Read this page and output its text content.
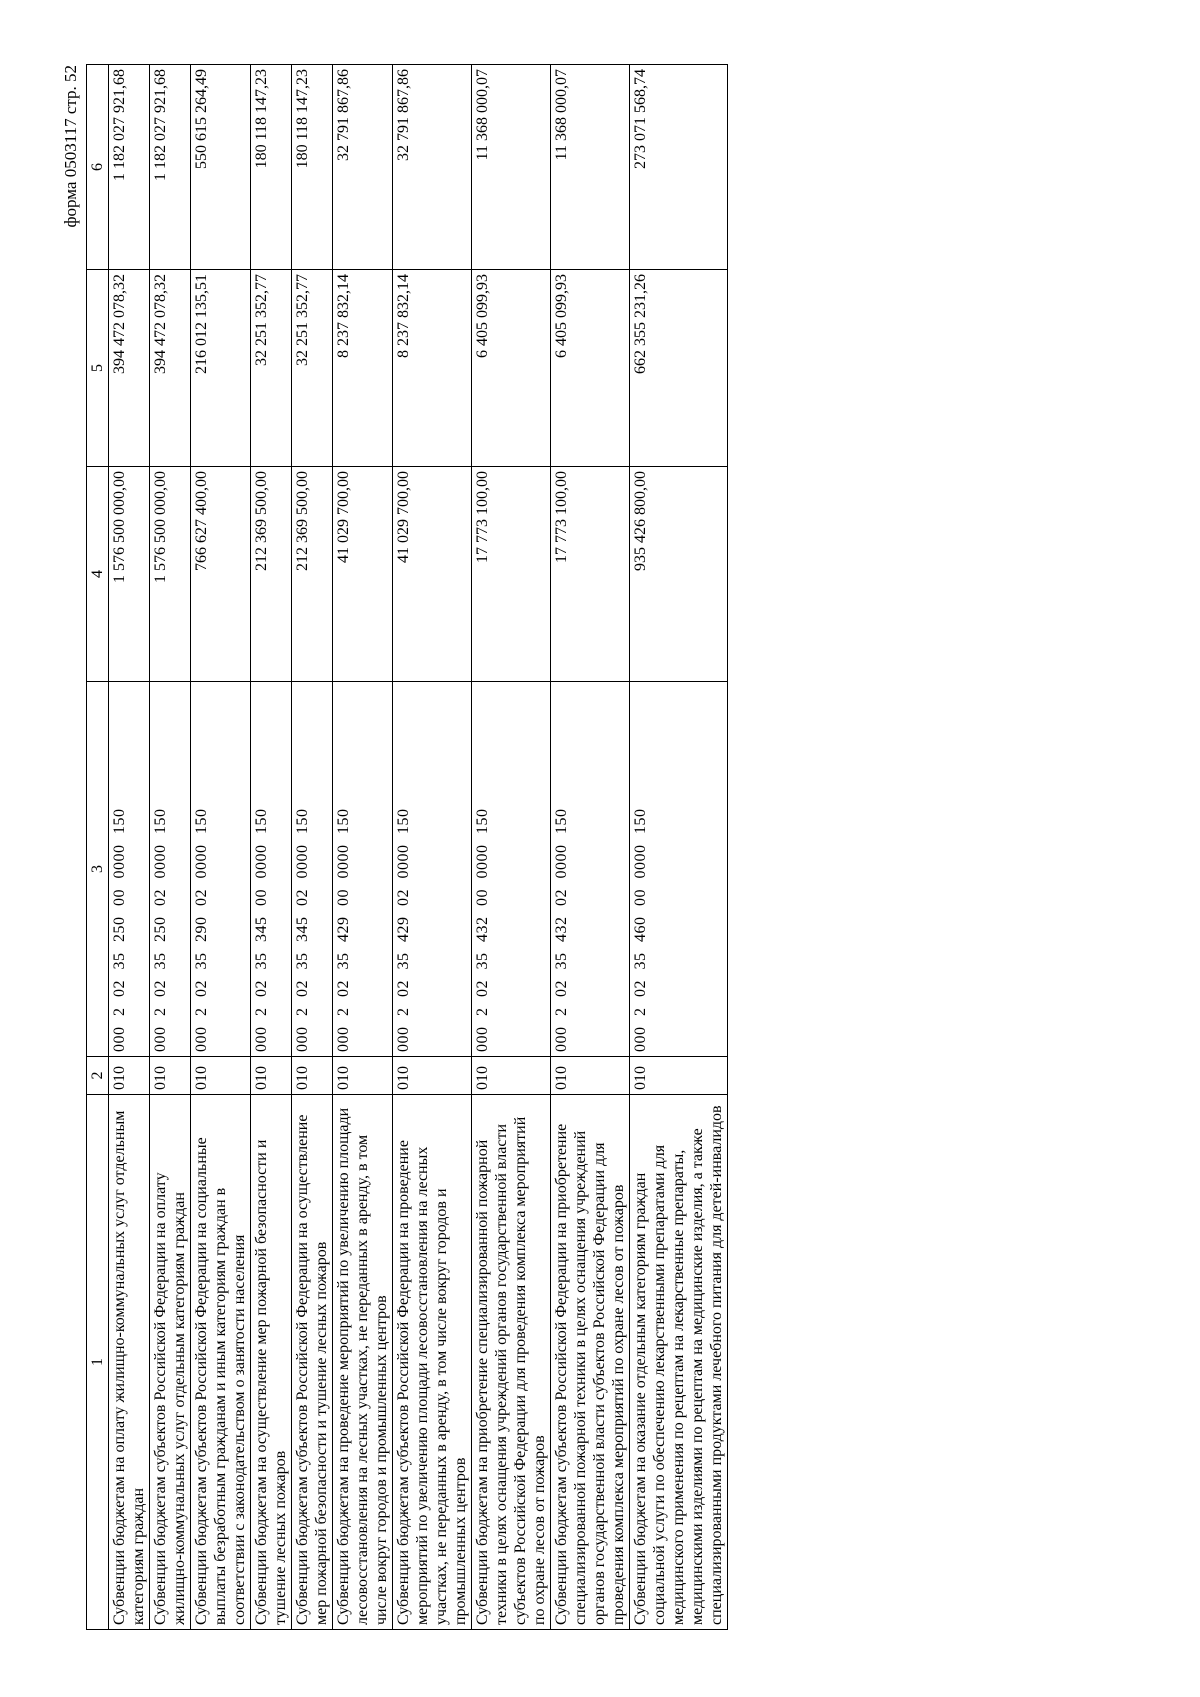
форма 0503117 стр. 52
1	2	3	4	5	6
Субвенции бюджетам на оплату жилищно-коммунальных услуг отдельным категориям граждан	010	000 2 02 35 250 00 0000 150	1 576 500 000,00	394 472 078,32	1 182 027 921,68
Субвенции бюджетам субъектов Российской Федерации на оплату жилищно-коммунальных услуг отдельным категориям граждан	010	000 2 02 35 250 02 0000 150	1 576 500 000,00	394 472 078,32	1 182 027 921,68
Субвенции бюджетам субъектов Российской Федерации на социальные выплаты безработным гражданам и иным категориям граждан в соответствии с законодательством о занятости населения	010	000 2 02 35 290 02 0000 150	766 627 400,00	216 012 135,51	550 615 264,49
Субвенции бюджетам на осуществление мер пожарной безопасности и тушение лесных пожаров	010	000 2 02 35 345 00 0000 150	212 369 500,00	32 251 352,77	180 118 147,23
Субвенции бюджетам субъектов Российской Федерации на осуществление мер пожарной безопасности и тушение лесных пожаров	010	000 2 02 35 345 02 0000 150	212 369 500,00	32 251 352,77	180 118 147,23
Субвенции бюджетам на проведение мероприятий по увеличению площади лесовосстановления на лесных участках, не переданных в аренду, в том числе вокруг городов и промышленных центров	010	000 2 02 35 429 00 0000 150	41 029 700,00	8 237 832,14	32 791 867,86
Субвенции бюджетам субъектов Российской Федерации на проведение мероприятий по увеличению площади лесовосстановления на лесных участках, не переданных в аренду, в том числе вокруг городов и промышленных центров	010	000 2 02 35 429 02 0000 150	41 029 700,00	8 237 832,14	32 791 867,86
Субвенции бюджетам на приобретение специализированной пожарной техники в целях оснащения учреждений органов государственной власти субъектов Российской Федерации для проведения комплекса мероприятий по охране лесов от пожаров	010	000 2 02 35 432 00 0000 150	17 773 100,00	6 405 099,93	11 368 000,07
Субвенции бюджетам субъектов Российской Федерации на приобретение специализированной пожарной техники в целях оснащения учреждений органов государственной власти субъектов Российской Федерации для проведения комплекса мероприятий по охране лесов от пожаров	010	000 2 02 35 432 02 0000 150	17 773 100,00	6 405 099,93	11 368 000,07
Субвенции бюджетам на оказание отдельным категориям граждан социальной услуги по обеспечению лекарственными препаратами для медицинского применения по рецептам на лекарственные препараты, медицинскими изделиями по рецептам на медицинские изделия, а также специализированными продуктами лечебного питания для детей-инвалидов	010	000 2 02 35 460 00 0000 150	935 426 800,00	662 355 231,26	273 071 568,74
